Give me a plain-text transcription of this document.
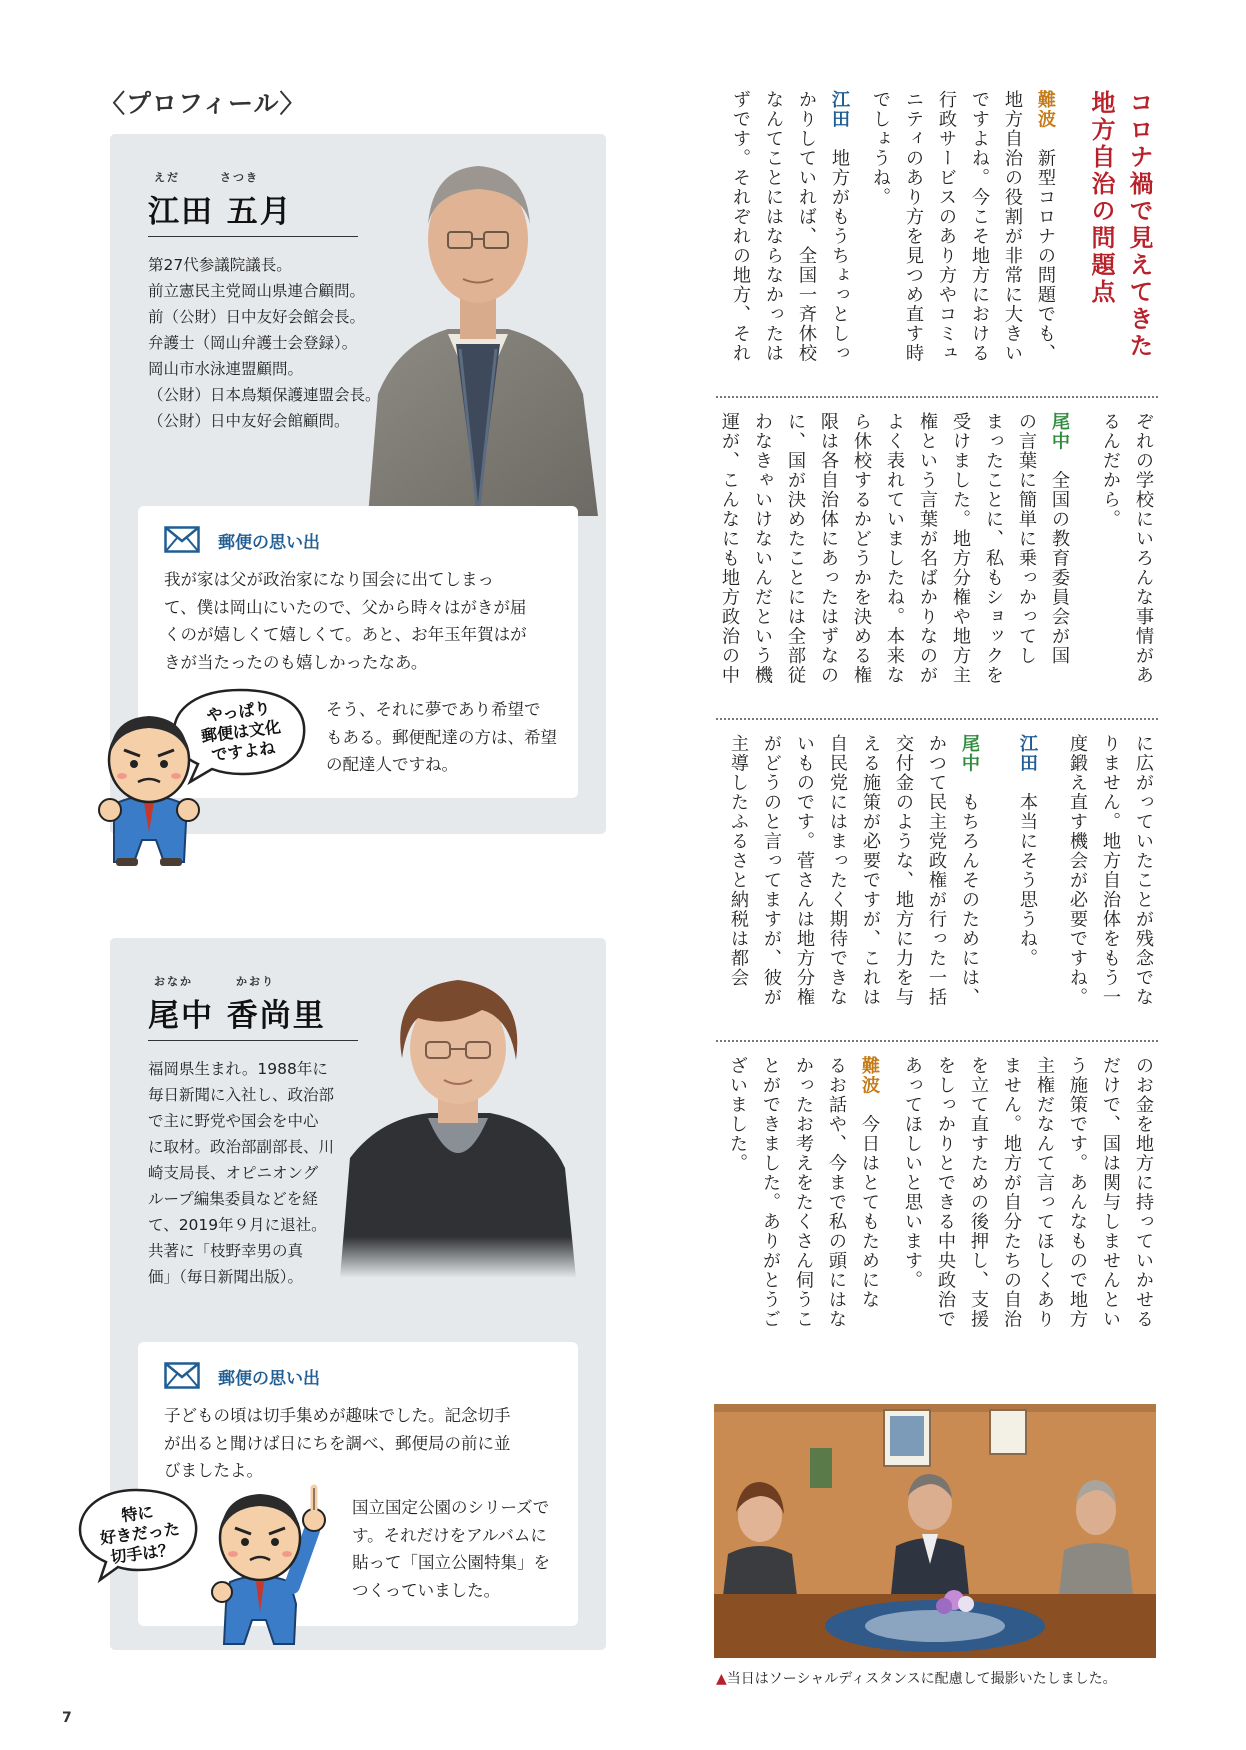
〈プロフィール〉
えだ	さつき
江田 五月
第27代参議院議長。
前立憲民主党岡山県連合顧問。
前（公財）日中友好会館会長。
弁護士（岡山弁護士会登録）。
岡山市水泳連盟顧問。
（公財）日本鳥類保護連盟会長。
（公財）日中友好会館顧問。
郵便の思い出
我が家は父が政治家になり国会に出てしまっ
て、僕は岡山にいたので、父から時々はがきが届
くのが嬉しくて嬉しくて。あと、お年玉年賀はが
きが当たったのも嬉しかったなあ。
そう、それに夢であり希望で
もある。郵便配達の方は、希望
の配達人ですね。
やっぱり
郵便は文化
ですよね
おなか	かおり
尾中 香尚里
福岡県生まれ。1988年に
毎日新聞に入社し、政治部
で主に野党や国会を中心
に取材。政治部副部長、川
崎支局長、オピニオング
ループ編集委員などを経
て、2019年９月に退社。
共著に「枝野幸男の真
価」（毎日新聞出版）。
郵便の思い出
子どもの頃は切手集めが趣味でした。記念切手
が出ると聞けば日にちを調べ、郵便局の前に並
びましたよ。
国立国定公園のシリーズで
す。それだけをアルバムに
貼って「国立公園特集」を
つくっていました。
特に
好きだった
切手は？
7
コロナ禍で見えてきた
地方自治の問題点
難波　新型コロナの問題でも、
地方自治の役割が非常に大きい
ですよね。今こそ地方における
行政サービスのあり方やコミュ
ニティのあり方を見つめ直す時
でしょうね。
江田　地方がもうちょっとしっ
かりしていれば、全国一斉休校
なんてことにはならなかったは
ずです。それぞれの地方、それ
ぞれの学校にいろんな事情があ
るんだから。
尾中　全国の教育委員会が国
の言葉に簡単に乗っかってし
まったことに、私もショックを
受けました。地方分権や地方主
権という言葉が名ばかりなのが
よく表れていましたね。本来な
ら休校するかどうかを決める権
限は各自治体にあったはずなの
に、国が決めたことには全部従
わなきゃいけないんだという機
運が、こんなにも地方政治の中
に広がっていたことが残念でな
りません。地方自治体をもう一
度鍛え直す機会が必要ですね。
江田　本当にそう思うね。
尾中　もちろんそのためには、
かつて民主党政権が行った一括
交付金のような、地方に力を与
える施策が必要ですが、これは
自民党にはまったく期待できな
いものです。菅さんは地方分権
がどうのと言ってますが、彼が
主導したふるさと納税は都会
のお金を地方に持っていかせる
だけで、国は関与しませんとい
う施策です。あんなもので地方
主権だなんて言ってほしくあり
ません。地方が自分たちの自治
を立て直すための後押し、支援
をしっかりとできる中央政治で
あってほしいと思います。
難波　今日はとてもためにな
るお話や、今まで私の頭にはな
かったお考えをたくさん伺うこ
とができました。ありがとうご
ざいました。
▲当日はソーシャルディスタンスに配慮して撮影いたしました。
